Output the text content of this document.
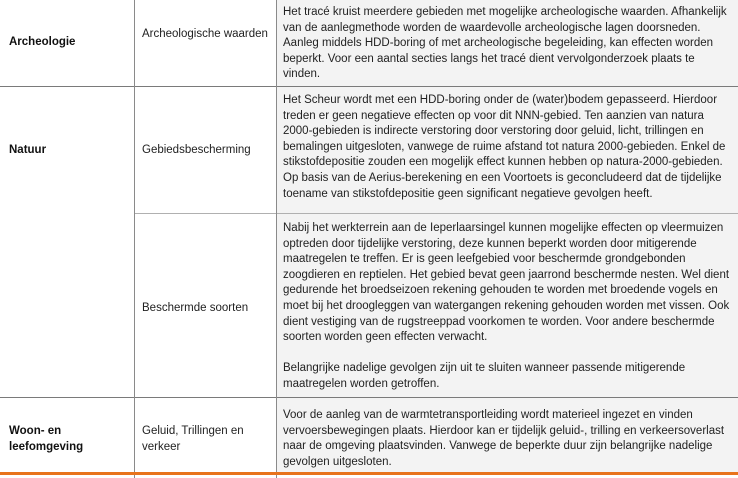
Archeologie
Archeologische waarden
Het tracé kruist meerdere gebieden met mogelijke archeologische waarden. Afhankelijk van de aanlegmethode worden de waardevolle archeologische lagen doorsneden. Aanleg middels HDD-boring of met archeologische begeleiding, kan effecten worden beperkt. Voor een aantal secties langs het tracé dient vervolgonderzoek plaats te vinden.
Natuur	Gebiedsbescherming
Het Scheur wordt met een HDD-boring onder de (water)bodem gepasseerd. Hierdoor treden er geen negatieve effecten op voor dit NNN-gebied. Ten aanzien van natura 2000-gebieden is indirecte verstoring door verstoring door geluid, licht, trillingen en bemalingen uitgesloten, vanwege de ruime afstand tot natura 2000-gebieden. Enkel de stikstofdepositie zouden een mogelijk effect kunnen hebben op natura-2000-gebieden. Op basis van de Aerius-berekening en een Voortoets is geconcludeerd dat de tijdelijke toename van stikstofdepositie geen significant negatieve gevolgen heeft.
Beschermde soorten
Nabij het werkterrein aan de Ieperlaarsingel kunnen mogelijke effecten op vleermuizen optreden door tijdelijke verstoring, deze kunnen beperkt worden door mitigerende maatregelen te treffen. Er is geen leefgebied voor beschermde grondgebonden zoogdieren en reptielen. Het gebied bevat geen jaarrond beschermde nesten. Wel dient gedurende het broedseizoen rekening gehouden te worden met broedende vogels en moet bij het droogleggen van watergangen rekening gehouden worden met vissen. Ook dient vestiging van de rugstreeppad voorkomen te worden. Voor andere beschermde soorten worden geen effecten verwacht.

Belangrijke nadelige gevolgen zijn uit te sluiten wanneer passende mitigerende maatregelen worden getroffen.
Woon- en leefomgeving
Geluid, Trillingen en verkeer
Voor de aanleg van de warmtetransportleiding wordt materieel ingezet en vinden vervoersbewegingen plaats. Hierdoor kan er tijdelijk geluid-, trilling en verkeersoverlast naar de omgeving plaatsvinden. Vanwege de beperkte duur zijn belangrijke nadelige gevolgen uitgesloten.
